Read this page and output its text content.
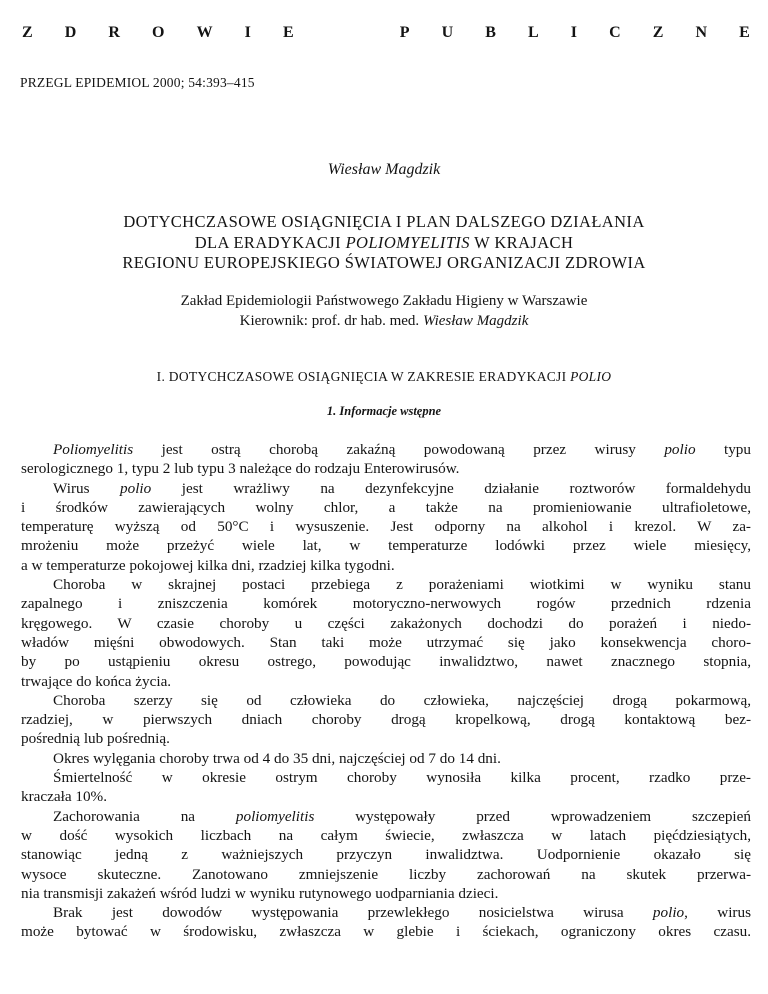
Z D R O W I E	P U B L I C Z N E
PRZEGL EPIDEMIOL 2000; 54:393–415
Wiesław Magdzik
DOTYCHCZASOWE OSIĄGNIĘCIA I PLAN DALSZEGO DZIAŁANIA
DLA ERADYKACJI POLIOMYELITIS W KRAJACH
REGIONU EUROPEJSKIEGO ŚWIATOWEJ ORGANIZACJI ZDROWIA
Zakład Epidemiologii Państwowego Zakładu Higieny w Warszawie
Kierownik: prof. dr hab. med. Wiesław Magdzik
I. DOTYCHCZASOWE OSIĄGNIĘCIA W ZAKRESIE ERADYKACJI POLIO
1. Informacje wstępne
Poliomyelitis jest ostrą chorobą zakaźną powodowaną przez wirusy polio typu
serologicznego 1, typu 2 lub typu 3 należące do rodzaju Enterowirusów.
Wirus polio jest wrażliwy na dezynfekcyjne działanie roztworów formaldehydu
i środków zawierających wolny chlor, a także na promieniowanie ultrafioletowe,
temperaturę wyższą od 50°C i wysuszenie. Jest odporny na alkohol i krezol. W za-
mrożeniu może przeżyć wiele lat, w temperaturze lodówki przez wiele miesięcy,
a w temperaturze pokojowej kilka dni, rzadziej kilka tygodni.
Choroba w skrajnej postaci przebiega z porażeniami wiotkimi w wyniku stanu
zapalnego i zniszczenia komórek motoryczno-nerwowych rogów przednich rdzenia
kręgowego. W czasie choroby u części zakażonych dochodzi do porażeń i niedo-
władów mięśni obwodowych. Stan taki może utrzymać się jako konsekwencja choro-
by po ustąpieniu okresu ostrego, powodując inwalidztwo, nawet znacznego stopnia,
trwające do końca życia.
Choroba szerzy się od człowieka do człowieka, najczęściej drogą pokarmową,
rzadziej, w pierwszych dniach choroby drogą kropelkową, drogą kontaktową bez-
pośrednią lub pośrednią.
Okres wylęgania choroby trwa od 4 do 35 dni, najczęściej od 7 do 14 dni.
Śmiertelność w okresie ostrym choroby wynosiła kilka procent, rzadko prze-
kraczała 10%.
Zachorowania na poliomyelitis występowały przed wprowadzeniem szczepień
w dość wysokich liczbach na całym świecie, zwłaszcza w latach pięćdziesiątych,
stanowiąc jedną z ważniejszych przyczyn inwalidztwa. Uodpornienie okazało się
wysoce skuteczne. Zanotowano zmniejszenie liczby zachorowań na skutek przerwa-
nia transmisji zakażeń wśród ludzi w wyniku rutynowego uodparniania dzieci.
Brak jest dowodów występowania przewlekłego nosicielstwa wirusa polio, wirus
może bytować w środowisku, zwłaszcza w glebie i ściekach, ograniczony okres czasu.
